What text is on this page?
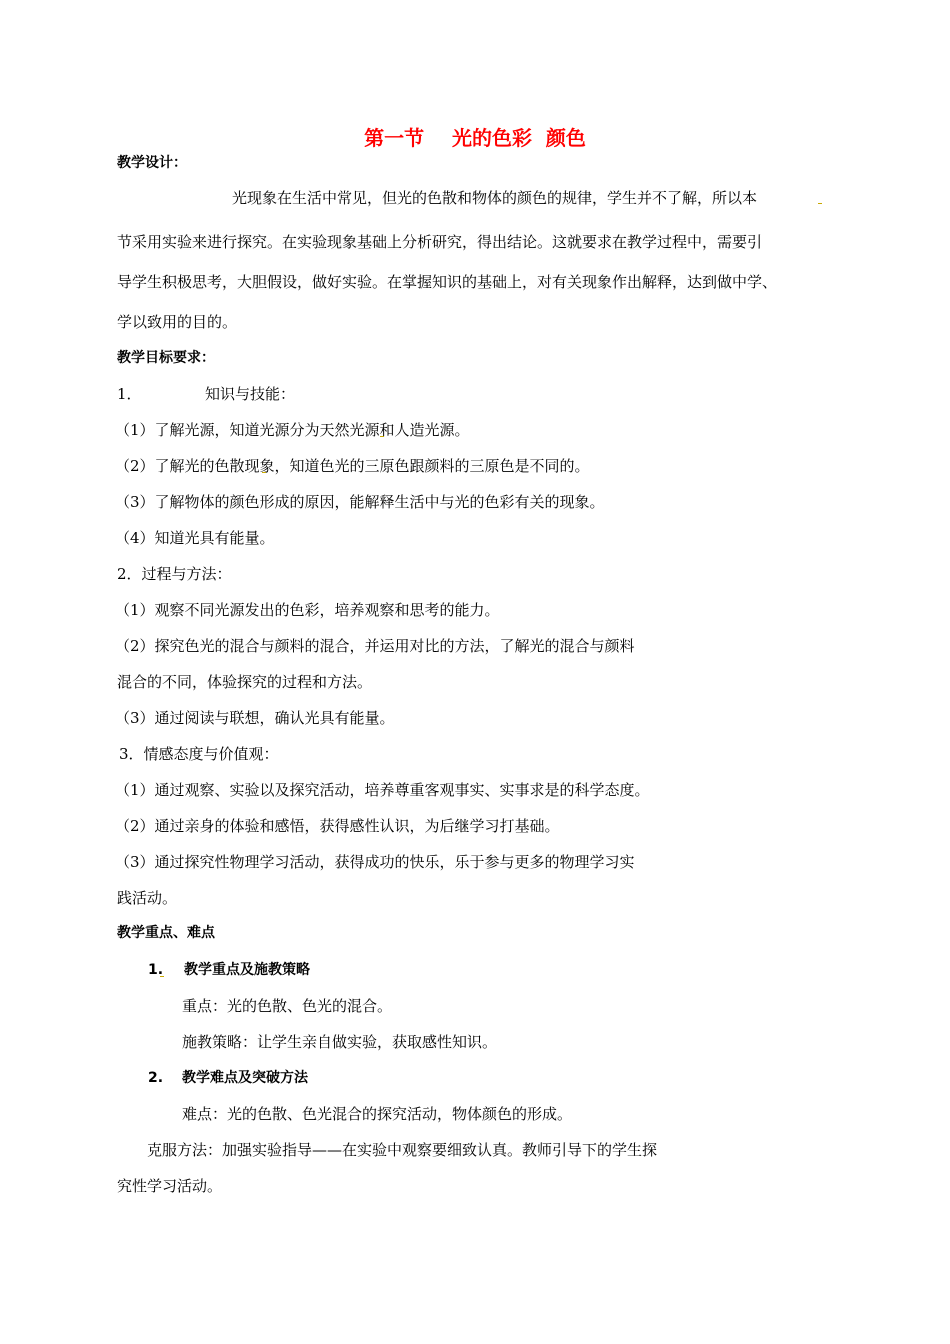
第一节    光的色彩  颜色
教学设计：
光现象在生活中常见，但光的色散和物体的颜色的规律，学生并不了解，所以本
节采用实验来进行探究。在实验现象基础上分析研究，得出结论。这就要求在教学过程中，需要引
导学生积极思考，大胆假设，做好实验。在掌握知识的基础上，对有关现象作出解释，达到做中学、
学以致用的目的。
教学目标要求：
1．	知识与技能：
（1）了解光源，知道光源分为天然光源和人造光源。
（2）了解光的色散现象，知道色光的三原色跟颜料的三原色是不同的。
（3）了解物体的颜色形成的原因，能解释生活中与光的色彩有关的现象。
（4）知道光具有能量。
2．过程与方法：
（1）观察不同光源发出的色彩，培养观察和思考的能力。
（2）探究色光的混合与颜料的混合，并运用对比的方法，了解光的混合与颜料
混合的不同，体验探究的过程和方法。
（3）通过阅读与联想，确认光具有能量。
3．情感态度与价值观：
（1）通过观察、实验以及探究活动，培养尊重客观事实、实事求是的科学态度。
（2）通过亲身的体验和感悟，获得感性认识，为后继学习打基础。
（3）通过探究性物理学习活动，获得成功的快乐，乐于参与更多的物理学习实
践活动。
教学重点、难点
1. 教学重点及施教策略
重点：光的色散、色光的混合。
施教策略：让学生亲自做实验，获取感性知识。
2. 教学难点及突破方法
难点：光的色散、色光混合的探究活动，物体颜色的形成。
克服方法：加强实验指导——在实验中观察要细致认真。教师引导下的学生探
究性学习活动。
